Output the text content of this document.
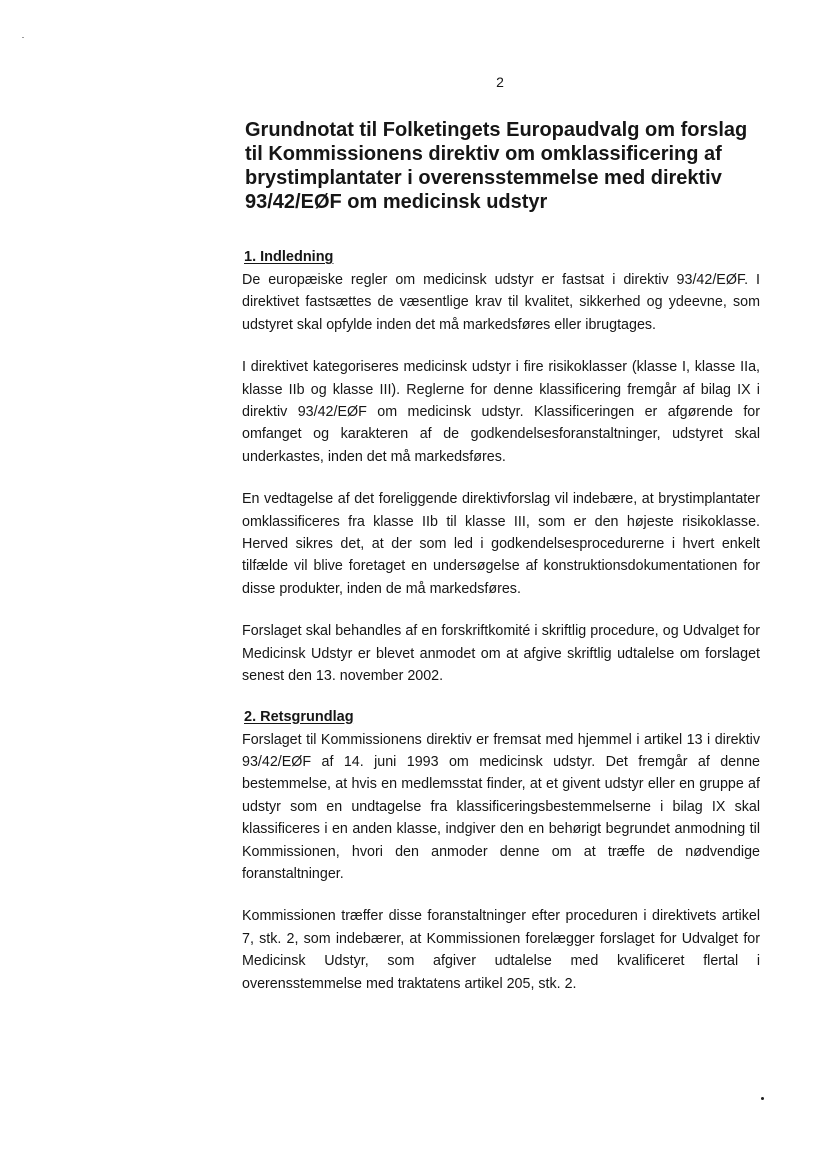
2
Grundnotat til Folketingets Europaudvalg om forslag til Kommissionens direktiv om omklassificering af brystimplantater i overensstemmelse med direktiv 93/42/EØF om medicinsk udstyr
1. Indledning

De europæiske regler om medicinsk udstyr er fastsat i direktiv 93/42/EØF. I direktivet fastsættes de væsentlige krav til kvalitet, sikkerhed og ydeevne, som udstyret skal opfylde inden det må markedsføres eller ibrugtages.

I direktivet kategoriseres medicinsk udstyr i fire risikoklasser (klasse I, klasse IIa, klasse IIb og klasse III). Reglerne for denne klassificering fremgår af bilag IX i direktiv 93/42/EØF om medicinsk udstyr. Klassificeringen er afgørende for omfanget og karakteren af de godkendelsesforanstaltninger, udstyret skal underkastes, inden det må markedsføres.

En vedtagelse af det foreliggende direktivforslag vil indebære, at brystimplantater omklassificeres fra klasse IIb til klasse III, som er den højeste risikoklasse. Herved sikres det, at der som led i godkendelsesprocedurerne i hvert enkelt tilfælde vil blive foretaget en undersøgelse af konstruktionsdokumentationen for disse produkter, inden de må markedsføres.

Forslaget skal behandles af en forskriftkomité i skriftlig procedure, og Udvalget for Medicinsk Udstyr er blevet anmodet om at afgive skriftlig udtalelse om forslaget senest den 13. november 2002.

2. Retsgrundlag

Forslaget til Kommissionens direktiv er fremsat med hjemmel i artikel 13 i direktiv 93/42/EØF af 14. juni 1993 om medicinsk udstyr. Det fremgår af denne bestemmelse, at hvis en medlemsstat finder, at et givent udstyr eller en gruppe af udstyr som en undtagelse fra klassificeringsbestemmelserne i bilag IX skal klassificeres i en anden klasse, indgiver den en behørigt begrundet anmodning til Kommissionen, hvori den anmoder denne om at træffe de nødvendige foranstaltninger.

Kommissionen træffer disse foranstaltninger efter proceduren i direktivets artikel 7, stk. 2, som indebærer, at Kommissionen forelægger forslaget for Udvalget for Medicinsk Udstyr, som afgiver udtalelse med kvalificeret flertal i overensstemmelse med traktatens artikel 205, stk. 2.
